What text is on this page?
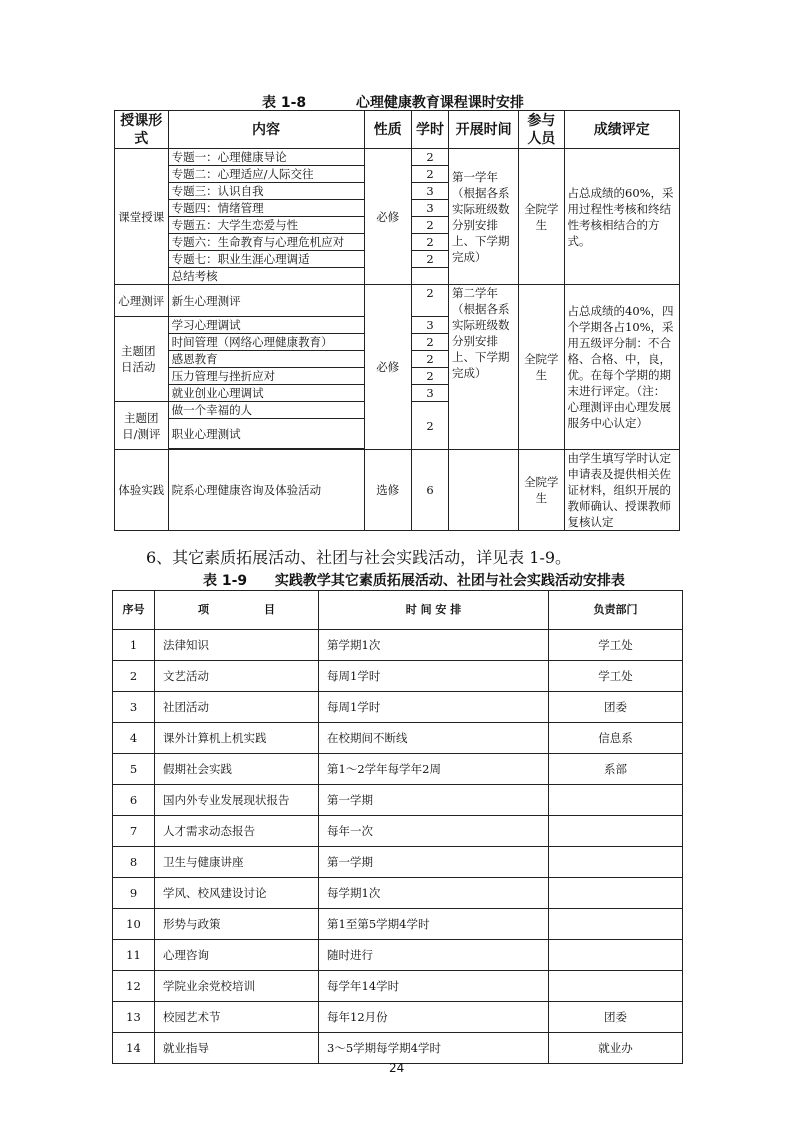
表 1-8	心理健康教育课程课时安排
授课形式	内容	性质	学时	开展时间	参与人员	成绩评定
课堂授课	专题一：心理健康导论	必修	2	第一学年（根据各系实际班级数分别安排上、下学期完成）	全院学生	占总成绩的60%，采用过程性考核和终结性考核相结合的方式。
	专题二：心理适应/人际交往		2			
	专题三：认识自我		3			
	专题四：情绪管理		3			
	专题五：大学生恋爱与性		2			
	专题六：生命教育与心理危机应对		2			
	专题七：职业生涯心理调适		2			
	总结考核					
心理测评	新生心理测评	必修	2	第二学年（根据各系实际班级数分别安排上、下学期完成）	全院学生	占总成绩的40%，四个学期各占10%，采用五级评分制：不合格、合格、中，良，优。在每个学期的期末进行评定。（注：心理测评由心理发展服务中心认定）
主题团日活动	学习心理调试		3			
	时间管理（网络心理健康教育）		2			
	感恩教育		2			
	压力管理与挫折应对		2			
	就业创业心理调试		3			
主题团日/测评	做一个幸福的人		2			
	职业心理测试					

体验实践	院系心理健康咨询及体验活动	选修	6		全院学生	由学生填写学时认定申请表及提供相关佐证材料，组织开展的教师确认、授课教师复核认定
6、其它素质拓展活动、社团与社会实践活动，详见表 1-9。
表 1-9 实践教学其它素质拓展活动、社团与社会实践活动安排表
序号	项　　　　　目	时 间 安 排	负责部门
1	法律知识	第学期1次	学工处
2	文艺活动	每周1学时	学工处
3	社团活动	每周1学时	团委
4	课外计算机上机实践	在校期间不断线	信息系
5	假期社会实践	第1～2学年每学年2周	系部
6	国内外专业发展现状报告	第一学期	
7	人才需求动态报告	每年一次	
8	卫生与健康讲座	第一学期	
9	学风、校风建设讨论	每学期1次	
10	形势与政策	第1至第5学期4学时	
11	心理咨询	随时进行	
12	学院业余党校培训	每学年14学时	
13	校园艺术节	每年12月份	团委
14	就业指导	3～5学期每学期4学时	就业办
24
